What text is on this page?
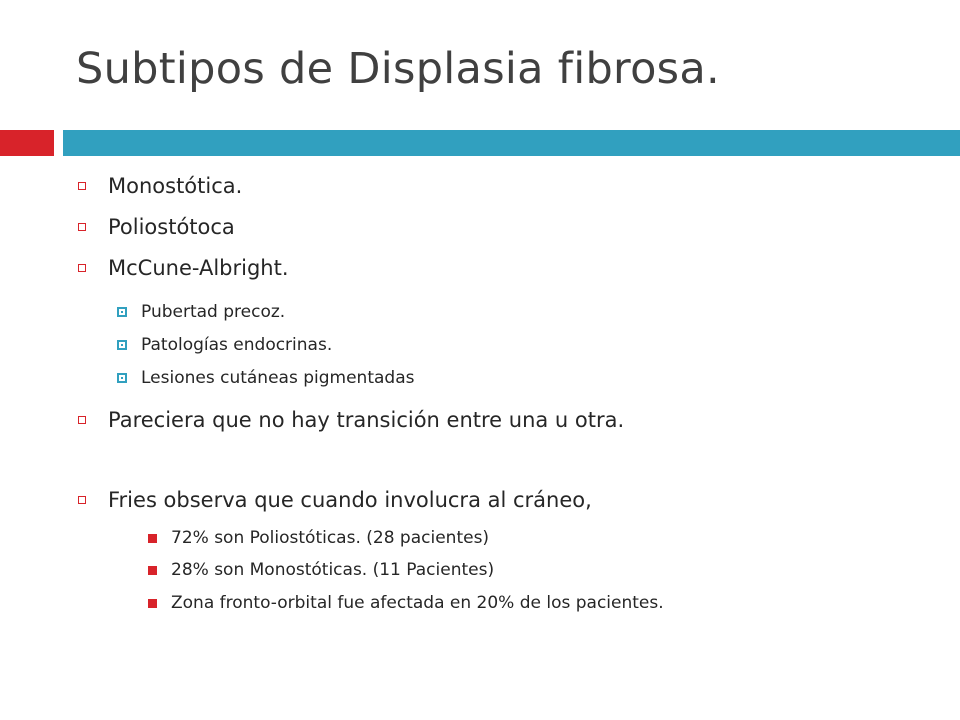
Subtipos de Displasia fibrosa.
Monostótica.
Poliostótoca
McCune-Albright.
Pubertad precoz.
Patologías endocrinas.
Lesiones cutáneas pigmentadas
Pareciera que no hay transición entre una u otra.
Fries observa que cuando involucra al cráneo,
72% son Poliostóticas. (28 pacientes)
28% son Monostóticas. (11 Pacientes)
Zona fronto-orbital fue afectada en 20% de los pacientes.
